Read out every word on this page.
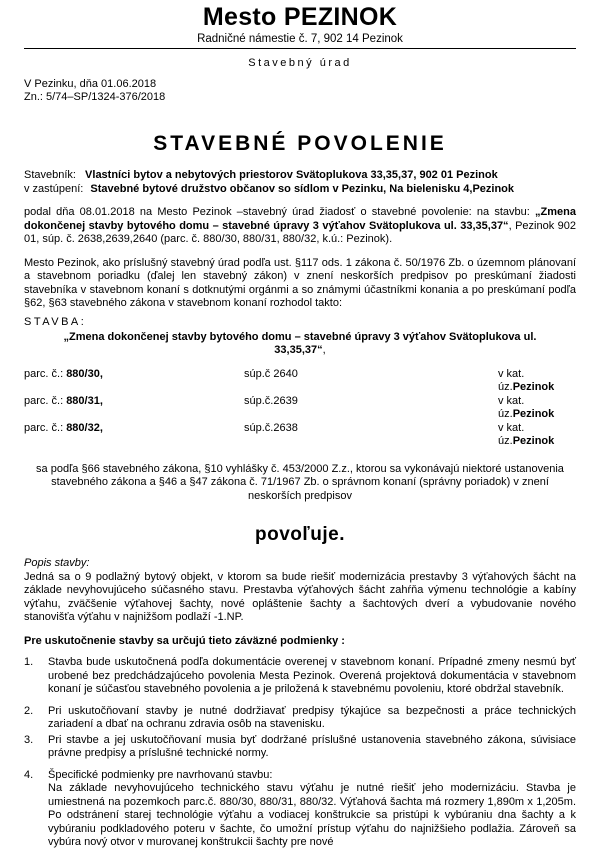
Mesto PEZINOK
Radničné námestie č. 7, 902 14 Pezinok
Stavebný úrad
V Pezinku, dňa 01.06.2018
Zn.: 5/74–SP/1324-376/2018
STAVEBNÉ POVOLENIE
Stavebník: Vlastníci bytov a nebytových priestorov Svätoplukova 33,35,37, 902 01 Pezinok
v zastúpení: Stavebné bytové družstvo občanov so sídlom v Pezinku, Na bielenisku 4,Pezinok

podal dňa 08.01.2018 na Mesto Pezinok –stavebný úrad žiadosť o stavebné povolenie: na stavbu: „Zmena dokončenej stavby bytového domu – stavebné úpravy 3 výťahov Svätoplukova ul. 33,35,37“, Pezinok 902 01, súp. č. 2638,2639,2640 (parc. č. 880/30, 880/31, 880/32, k.ú.: Pezinok).

Mesto Pezinok, ako príslušný stavebný úrad podľa ust. §117 ods. 1 zákona č. 50/1976 Zb. o územnom plánovaní a stavebnom poriadku (ďalej len stavebný zákon) v znení neskorších predpisov po preskúmaní žiadosti stavebníka v stavebnom konaní s dotknutými orgánmi a so známymi účastníkmi konania a po preskúmaní podľa §62, §63 stavebného zákona v stavebnom konaní rozhodol takto:

STAVBA:
„Zmena dokončenej stavby bytového domu – stavebné úpravy 3 výťahov Svätoplukova ul.
33,35,37“,
parc. č.: 880/30,	súp.č 2640	v kat. úz.Pezinok
parc. č.: 880/31,	súp.č.2639	v kat. úz.Pezinok
parc. č.: 880/32,	súp.č.2638	v kat. úz.Pezinok

sa podľa §66 stavebného zákona, §10 vyhlášky č. 453/2000 Z.z., ktorou sa vykonávajú niektoré ustanovenia stavebného zákona a §46 a §47 zákona č. 71/1967 Zb. o správnom konaní (správny poriadok) v znení neskorších predpisov

povoľuje.
Popis stavby:

Jedná sa o 9 podlažný bytový objekt, v ktorom sa bude riešiť modernizácia prestavby 3 výťahových šácht na základe nevyhovujúceho súčasného stavu. Prestavba výťahových šácht zahŕňa výmenu technológie a kabíny výťahu, zväčšenie výťahovej šachty, nové opláštenie šachty a šachtových dverí a vybudovanie nového stanovišťa výťahu v najnižšom podlaží -1.NP.

Pre uskutočnenie stavby sa určujú tieto záväzné podmienky :
1.	Stavba bude uskutočnená podľa dokumentácie overenej v stavebnom konaní. Prípadné zmeny nesmú byť urobené bez predchádzajúceho povolenia Mesta Pezinok. Overená projektová dokumentácia v stavebnom konaní je súčasťou stavebného povolenia a je priložená k stavebnému povoleniu, ktoré obdržal stavebník.
2.	Pri uskutočňovaní stavby je nutné dodržiavať predpisy týkajúce sa bezpečnosti a práce technických zariadení a dbať na ochranu zdravia osôb na stavenisku.
3.	Pri stavbe a jej uskutočňovaní musia byť dodržané príslušné ustanovenia stavebného zákona, súvisiace právne predpisy a príslušné technické normy.
4.	Špecifické podmienky pre navrhovanú stavbu:
Na základe nevyhovujúceho technického stavu výťahu je nutné riešiť jeho modernizáciu. Stavba je umiestnená na pozemkoch parc.č. 880/30, 880/31, 880/32. Výťahová šachta má rozmery 1,890m x 1,205m. Po odstránení starej technológie výťahu a vodiacej konštrukcie sa pristúpi k vybúraniu dna šachty a k vybúraniu podkladového poteru v šachte, čo umožní prístup výťahu do najnižšieho podlažia. Zároveň sa vybúra nový otvor v murovanej konštrukcii šachty pre nové
